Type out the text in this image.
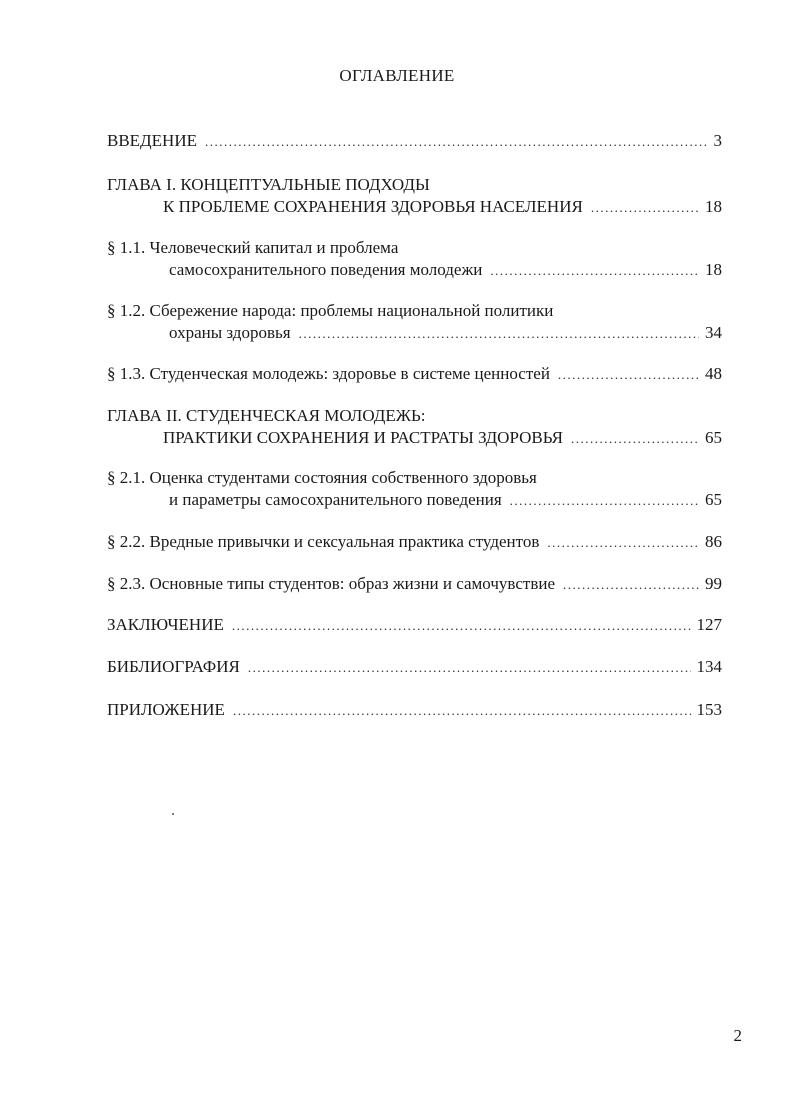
ОГЛАВЛЕНИЕ
ВВЕДЕНИЕ .....	3
ГЛАВА I. КОНЦЕПТУАЛЬНЫЕ ПОДХОДЫ
К ПРОБЛЕМЕ СОХРАНЕНИЯ ЗДОРОВЬЯ НАСЕЛЕНИЯ .....	18
§ 1.1. Человеческий капитал и проблема
самосохранительного поведения молодежи .....	18
§ 1.2. Сбережение народа: проблемы национальной политики
охраны здоровья .....	34
§ 1.3. Студенческая молодежь: здоровье в системе ценностей .....	48
ГЛАВА II. СТУДЕНЧЕСКАЯ МОЛОДЕЖЬ:
ПРАКТИКИ СОХРАНЕНИЯ И РАСТРАТЫ ЗДОРОВЬЯ .....	65
§ 2.1. Оценка студентами состояния собственного здоровья
и параметры самосохранительного поведения .....	65
§ 2.2. Вредные привычки и сексуальная практика студентов .....	86
§ 2.3. Основные типы студентов: образ жизни и самочувствие .....	99
ЗАКЛЮЧЕНИЕ .....	127
БИБЛИОГРАФИЯ .....	134
ПРИЛОЖЕНИЕ .....	153
2
